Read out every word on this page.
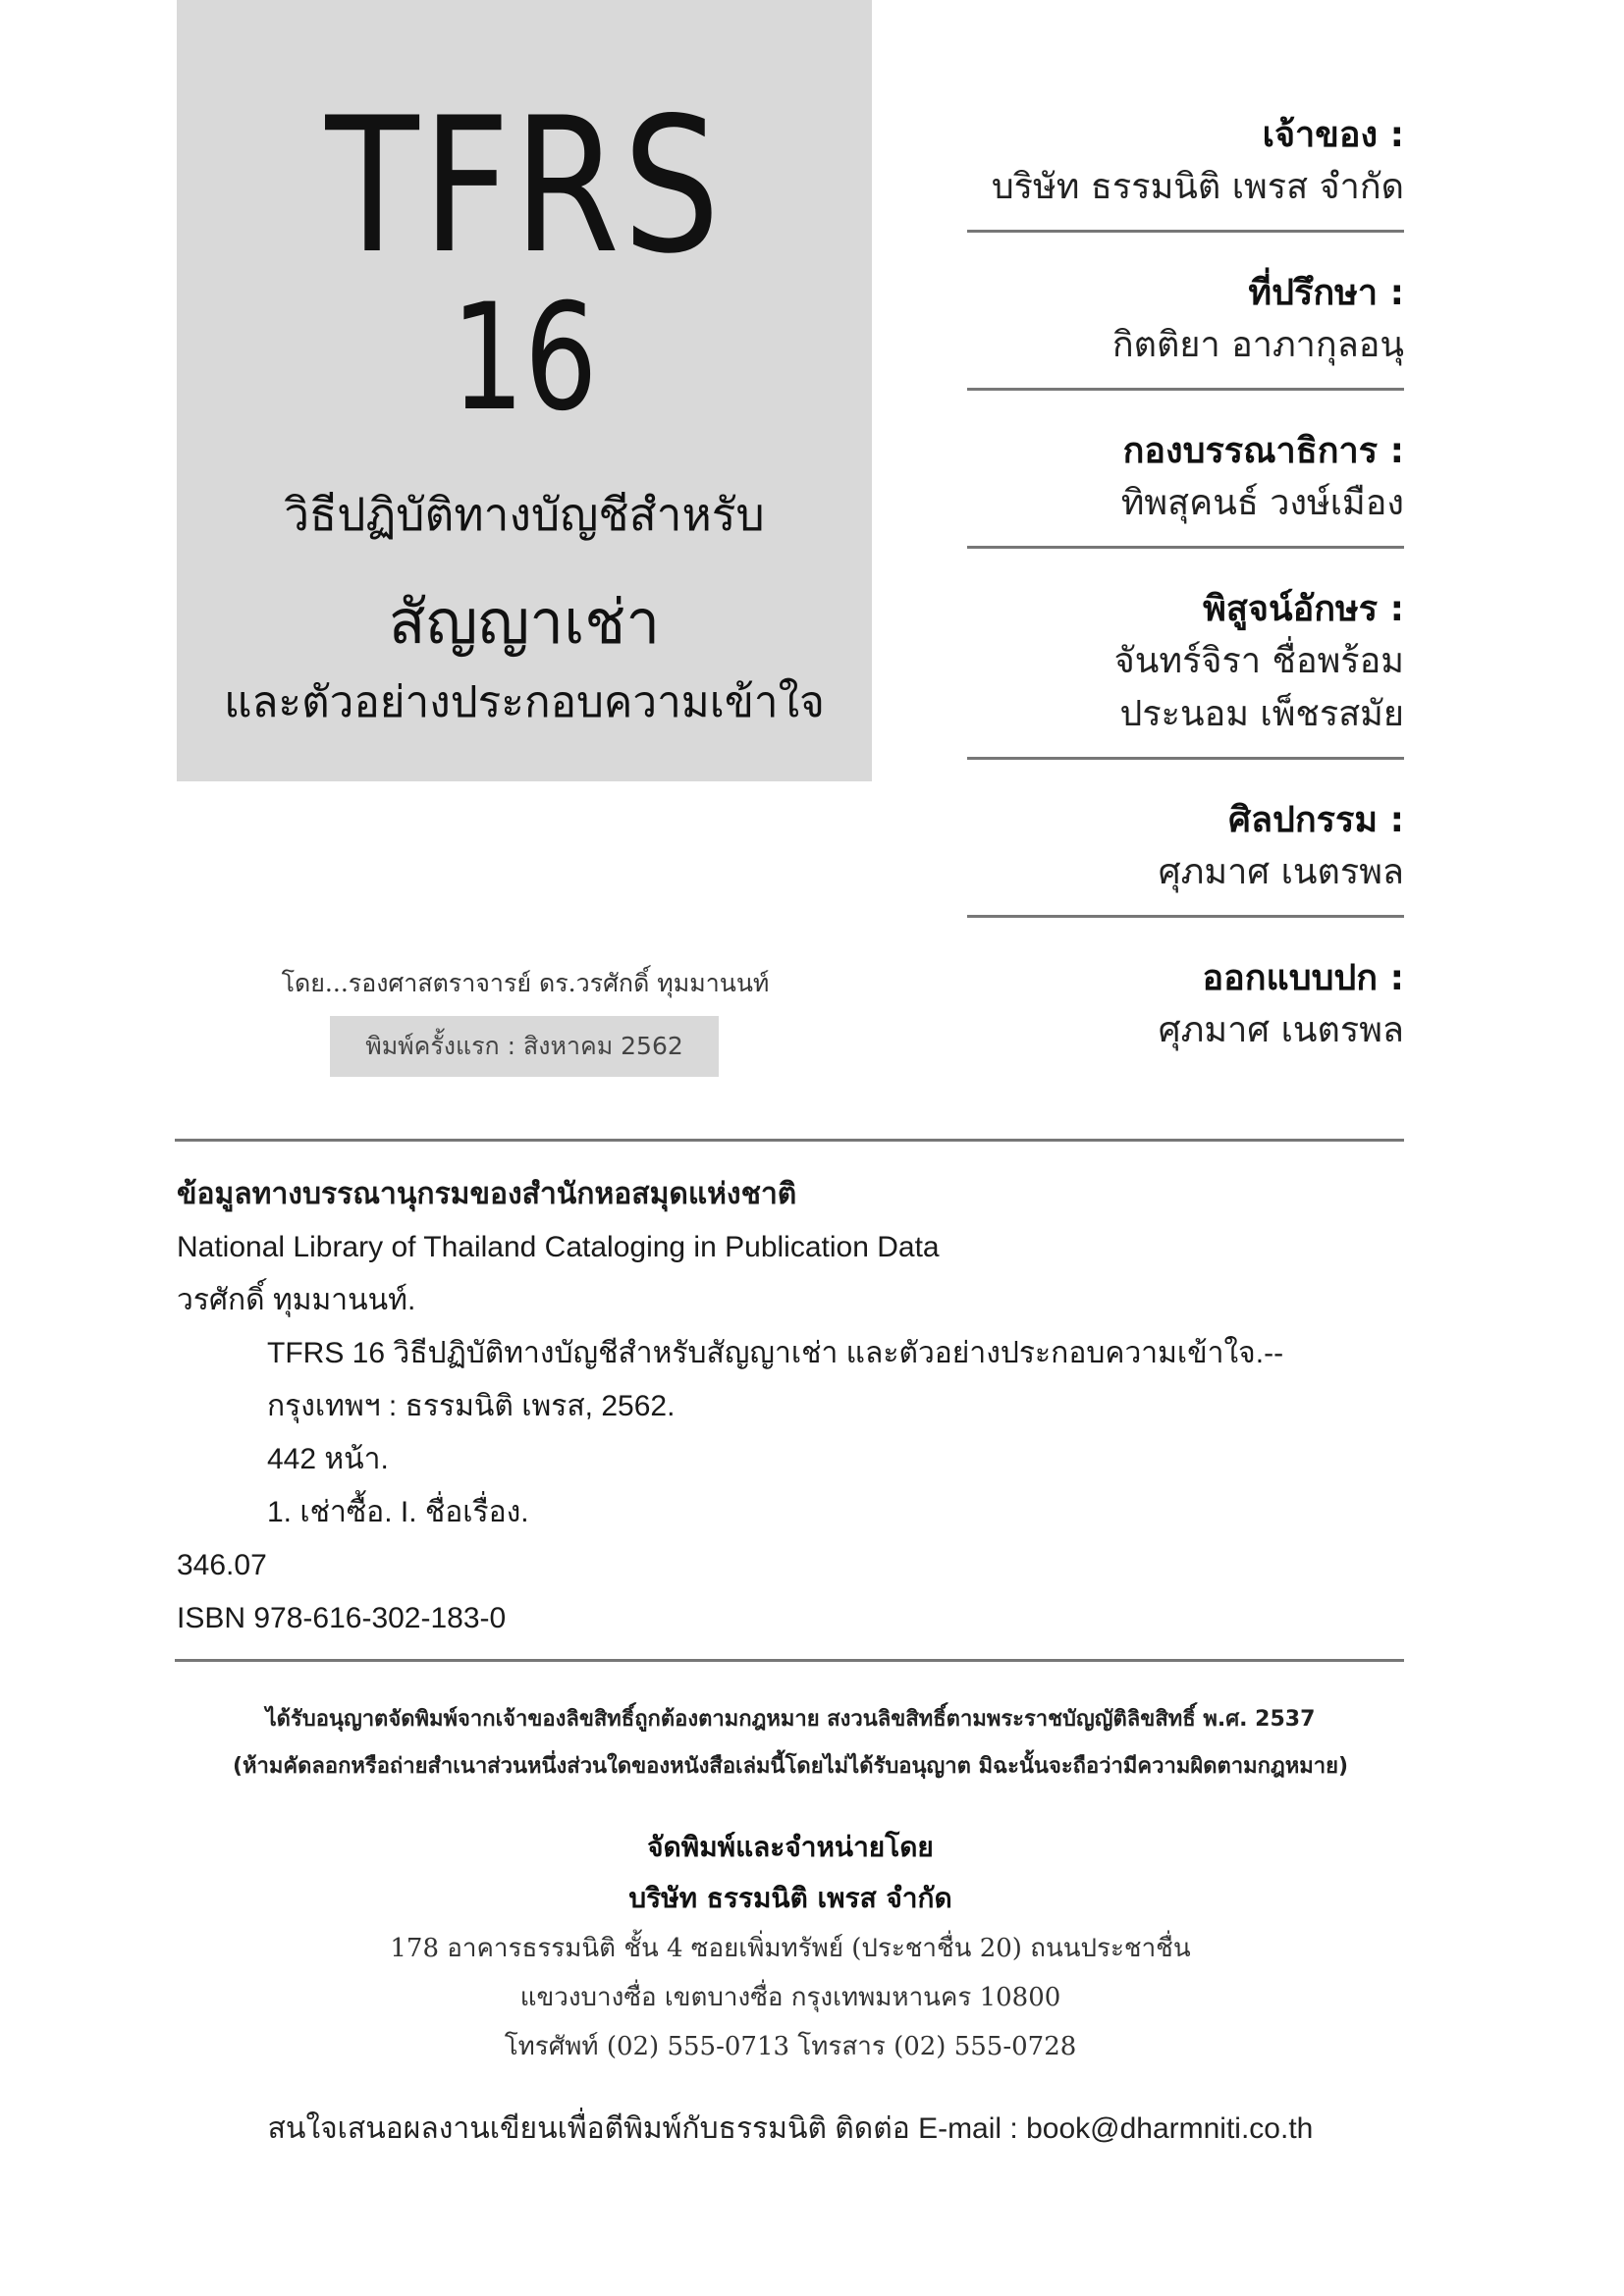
TFRS
16

วิธีปฏิบัติทางบัญชีสำหรับ

สัญญาเช่า

และตัวอย่างประกอบความเข้าใจ

โดย...รองศาสตราจารย์ ดร.วรศักดิ์ ทุมมานนท์
พิมพ์ครั้งแรก : สิงหาคม 2562
เจ้าของ :
บริษัท ธรรมนิติ เพรส จำกัด
ที่ปรึกษา :
กิตติยา อาภากุลอนุ
กองบรรณาธิการ :
ทิพสุคนธ์ วงษ์เมือง
พิสูจน์อักษร :
จันทร์จิรา ชื่อพร้อม
ประนอม เพ็ชรสมัย
ศิลปกรรม :
ศุภมาศ เนตรพล
ออกแบบปก :
ศุภมาศ เนตรพล

ข้อมูลทางบรรณานุกรมของสำนักหอสมุดแห่งชาติ

National Library of Thailand Cataloging in Publication Data

วรศักดิ์ ทุมมานนท์.

TFRS 16 วิธีปฏิบัติทางบัญชีสำหรับสัญญาเช่า และตัวอย่างประกอบความเข้าใจ.--

กรุงเทพฯ : ธรรมนิติ เพรส, 2562.

442 หน้า.

1. เช่าซื้อ. I. ชื่อเรื่อง.

346.07

ISBN 978-616-302-183-0

ได้รับอนุญาตจัดพิมพ์จากเจ้าของลิขสิทธิ์ถูกต้องตามกฎหมาย สงวนลิขสิทธิ์ตามพระราชบัญญัติลิขสิทธิ์ พ.ศ. 2537

(ห้ามคัดลอกหรือถ่ายสำเนาส่วนหนึ่งส่วนใดของหนังสือเล่มนี้โดยไม่ได้รับอนุญาต มิฉะนั้นจะถือว่ามีความผิดตามกฎหมาย)

จัดพิมพ์และจำหน่ายโดย

บริษัท ธรรมนิติ เพรส จำกัด

178 อาคารธรรมนิติ ชั้น 4 ซอยเพิ่มทรัพย์ (ประชาชื่น 20) ถนนประชาชื่น

แขวงบางซื่อ เขตบางซื่อ กรุงเทพมหานคร 10800

โทรศัพท์ (02) 555-0713 โทรสาร (02) 555-0728

สนใจเสนอผลงานเขียนเพื่อตีพิมพ์กับธรรมนิติ ติดต่อ E-mail : book@dharmniti.co.th
